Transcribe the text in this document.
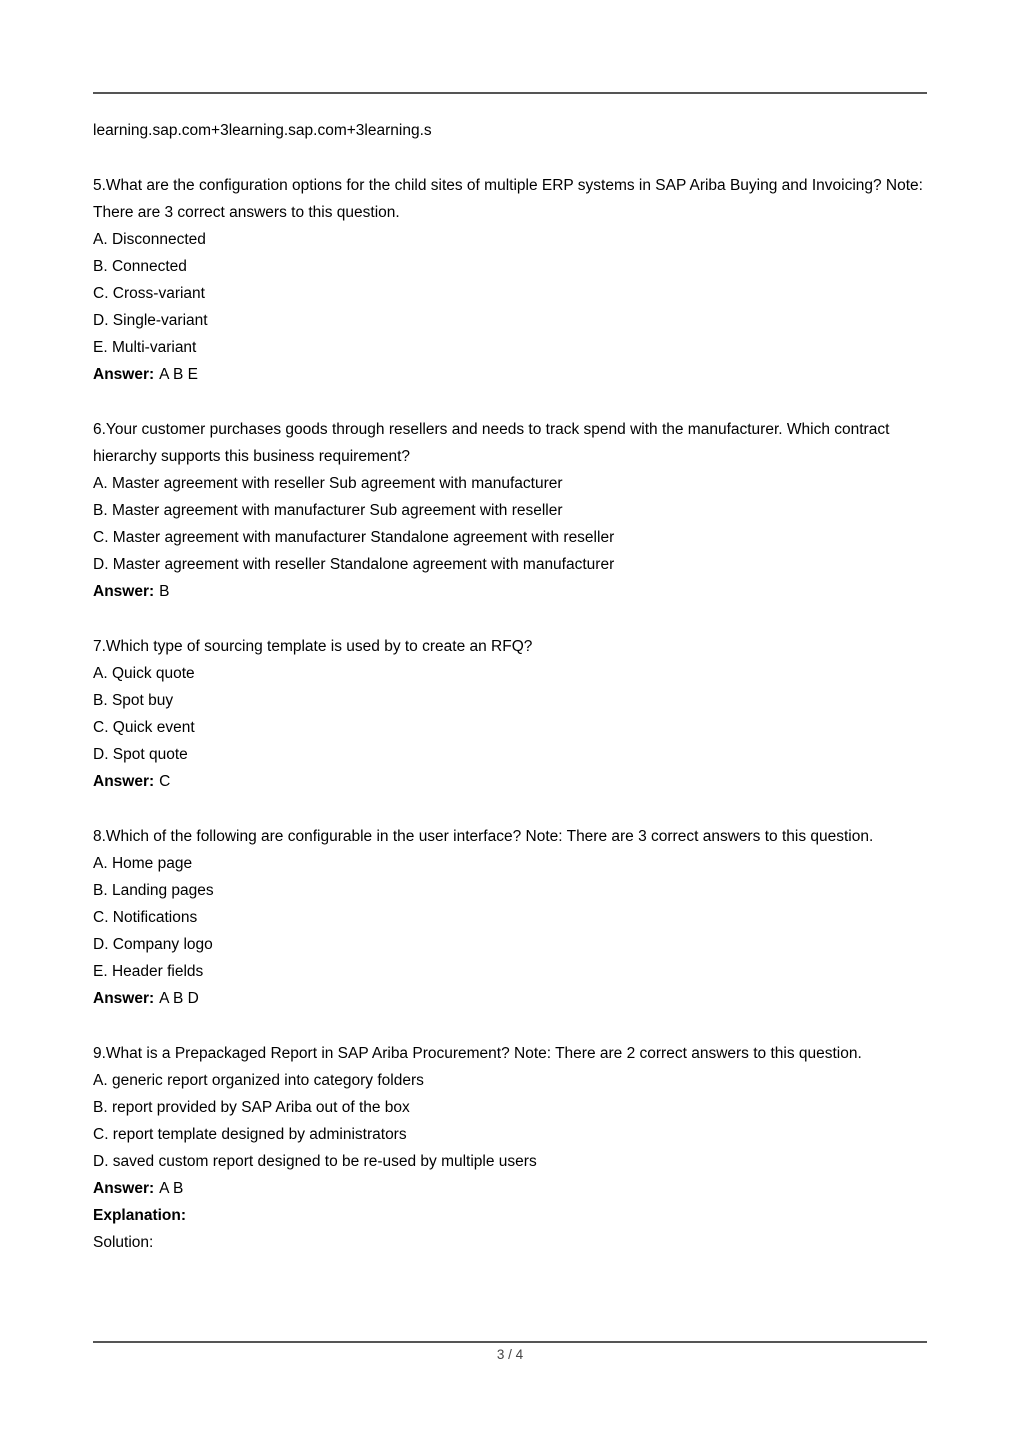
learning.sap.com+3learning.sap.com+3learning.s

5.What are the configuration options for the child sites of multiple ERP systems in SAP Ariba Buying and Invoicing? Note: There are 3 correct answers to this question.

A. Disconnected

B. Connected

C. Cross-variant

D. Single-variant

E. Multi-variant

Answer: A B E

6.Your customer purchases goods through resellers and needs to track spend with the manufacturer. Which contract hierarchy supports this business requirement?

A. Master agreement with reseller Sub agreement with manufacturer

B. Master agreement with manufacturer Sub agreement with reseller

C. Master agreement with manufacturer Standalone agreement with reseller

D. Master agreement with reseller Standalone agreement with manufacturer

Answer: B

7.Which type of sourcing template is used by to create an RFQ?

A. Quick quote

B. Spot buy

C. Quick event

D. Spot quote

Answer: C

8.Which of the following are configurable in the user interface? Note: There are 3 correct answers to this question.

A. Home page

B. Landing pages

C. Notifications

D. Company logo

E. Header fields

Answer: A B D

9.What is a Prepackaged Report in SAP Ariba Procurement? Note: There are 2 correct answers to this question.

A. generic report organized into category folders

B. report provided by SAP Ariba out of the box

C. report template designed by administrators

D. saved custom report designed to be re-used by multiple users

Answer: A B

Explanation:

Solution:

3 / 4
